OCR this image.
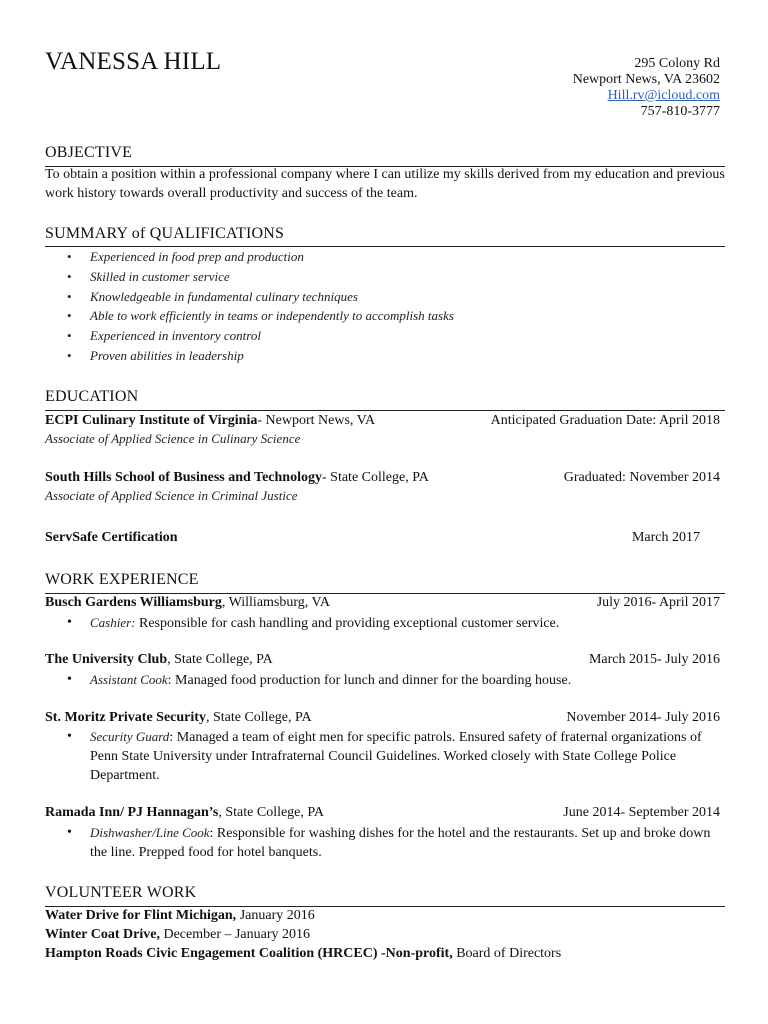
VANESSA HILL	295 Colony Rd
Newport News, VA 23602
Hill.rv@icloud.com
757-810-3777
OBJECTIVE
To obtain a position within a professional company where I can utilize my skills derived from my education and previous work history towards overall productivity and success of the team.
SUMMARY of QUALIFICATIONS
• Experienced in food prep and production
• Skilled in customer service
• Knowledgeable in fundamental culinary techniques
• Able to work efficiently in teams or independently to accomplish tasks
• Experienced in inventory control
• Proven abilities in leadership
EDUCATION
ECPI Culinary Institute of Virginia- Newport News, VA	Anticipated Graduation Date: April 2018
Associate of Applied Science in Culinary Science
South Hills School of Business and Technology- State College, PA	Graduated: November 2014
Associate of Applied Science in Criminal Justice
ServSafe Certification	March 2017
WORK EXPERIENCE
Busch Gardens Williamsburg, Williamsburg, VA	July 2016- April 2017
• Cashier: Responsible for cash handling and providing exceptional customer service.
The University Club, State College, PA	March 2015- July 2016
• Assistant Cook: Managed food production for lunch and dinner for the boarding house.
St. Moritz Private Security, State College, PA	November 2014- July 2016
• Security Guard: Managed a team of eight men for specific patrols. Ensured safety of fraternal organizations of Penn State University under Intrafraternal Council Guidelines. Worked closely with State College Police Department.
Ramada Inn/ PJ Hannagan’s, State College, PA	June 2014- September 2014
• Dishwasher/Line Cook: Responsible for washing dishes for the hotel and the restaurants. Set up and broke down the line. Prepped food for hotel banquets.
VOLUNTEER WORK
Water Drive for Flint Michigan, January 2016
Winter Coat Drive, December – January 2016
Hampton Roads Civic Engagement Coalition (HRCEC) -Non-profit, Board of Directors
